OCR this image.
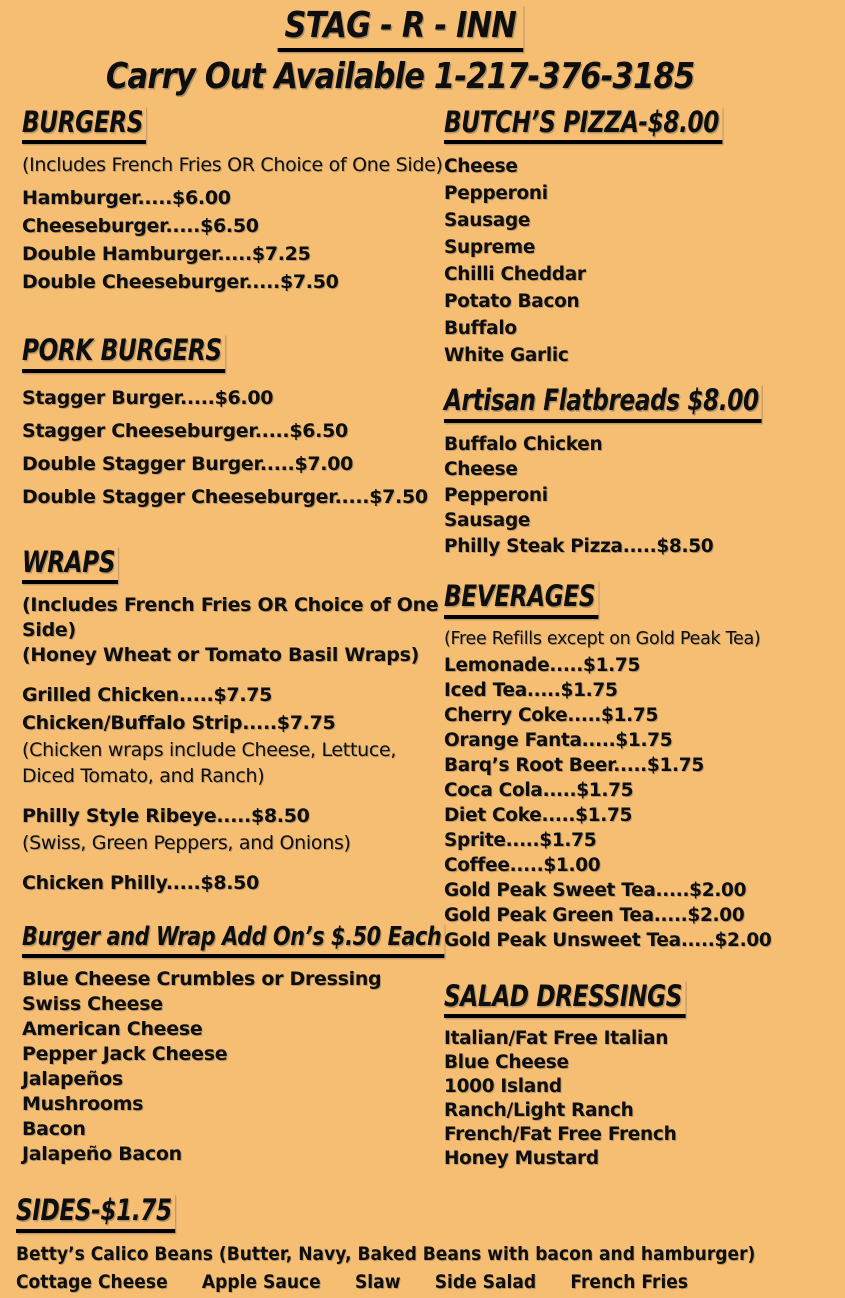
STAG - R - INN
Carry Out Available 1-217-376-3185
BURGERS
(Includes French Fries OR Choice of One Side)
Hamburger.....$6.00
Cheeseburger.....$6.50
Double Hamburger.....$7.25
Double Cheeseburger.....$7.50
PORK BURGERS
Stagger Burger.....$6.00
Stagger Cheeseburger.....$6.50
Double Stagger Burger.....$7.00
Double Stagger Cheeseburger.....$7.50
WRAPS
(Includes French Fries OR Choice of One Side)
(Honey Wheat or Tomato Basil Wraps)
Grilled Chicken.....$7.75
Chicken/Buffalo Strip.....$7.75
(Chicken wraps include Cheese, Lettuce, Diced Tomato, and Ranch)
Philly Style Ribeye.....$8.50
(Swiss, Green Peppers, and Onions)
Chicken Philly.....$8.50
Burger and Wrap Add On’s $.50 Each
Blue Cheese Crumbles or Dressing
Swiss Cheese
American Cheese
Pepper Jack Cheese
Jalapeños
Mushrooms
Bacon
Jalapeño Bacon
BUTCH’S PIZZA-$8.00
Cheese
Pepperoni
Sausage
Supreme
Chilli Cheddar
Potato Bacon
Buffalo
White Garlic
Artisan Flatbreads $8.00
Buffalo Chicken
Cheese
Pepperoni
Sausage
Philly Steak Pizza.....$8.50
BEVERAGES
(Free Refills except on Gold Peak Tea)
Lemonade.....$1.75
Iced Tea.....$1.75
Cherry Coke.....$1.75
Orange Fanta.....$1.75
Barq’s Root Beer.....$1.75
Coca Cola.....$1.75
Diet Coke.....$1.75
Sprite.....$1.75
Coffee.....$1.00
Gold Peak Sweet Tea.....$2.00
Gold Peak Green Tea.....$2.00
Gold Peak Unsweet Tea.....$2.00
SALAD DRESSINGS
Italian/Fat Free Italian
Blue Cheese
1000 Island
Ranch/Light Ranch
French/Fat Free French
Honey Mustard
SIDES-$1.75
Betty’s Calico Beans (Butter, Navy, Baked Beans with bacon and hamburger)
Cottage Cheese Apple Sauce Slaw Side Salad French Fries
